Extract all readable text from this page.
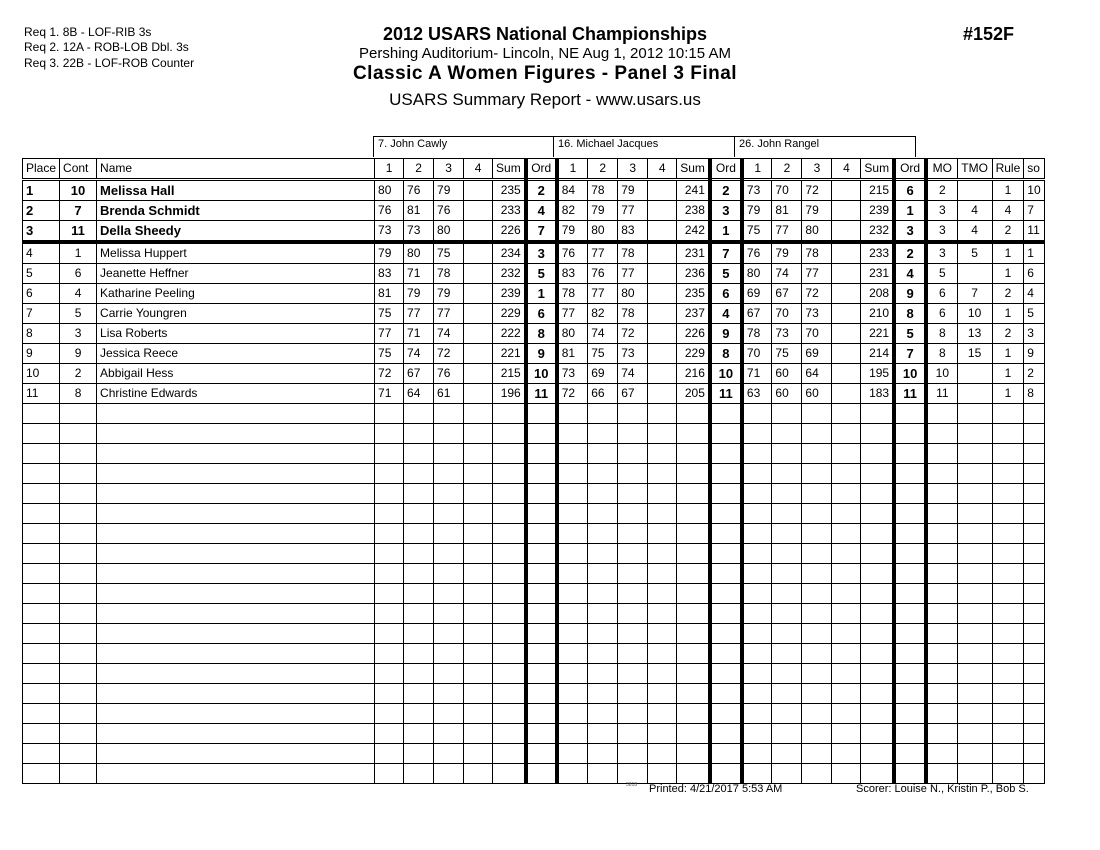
Req 1. 8B - LOF-RIB 3s
Req 2. 12A - ROB-LOB Dbl. 3s
Req 3. 22B - LOF-ROB Counter
2012 USARS National Championships
Pershing Auditorium- Lincoln, NE Aug 1, 2012 10:15 AM
Classic A Women Figures - Panel 3 Final
USARS Summary Report - www.usars.us
#152F
7. John Cawly	16. Michael Jacques	26. John Rangel
Place	Cont	Name	1	2	3	4	Sum	Ord	1	2	3	4	Sum	Ord	1	2	3	4	Sum	Ord	MO	TMO	Rule	so
1	10	Melissa Hall	80	76	79		235	2	84	78	79		241	2	73	70	72		215	6	2		1	10
2	7	Brenda Schmidt	76	81	76		233	4	82	79	77		238	3	79	81	79		239	1	3	4	4	7
3	11	Della Sheedy	73	73	80		226	7	79	80	83		242	1	75	77	80		232	3	3	4	2	11
4	1	Melissa Huppert	79	80	75		234	3	76	77	78		231	7	76	79	78		233	2	3	5	1	1
5	6	Jeanette Heffner	83	71	78		232	5	83	76	77		236	5	80	74	77		231	4	5		1	6
6	4	Katharine Peeling	81	79	79		239	1	78	77	80		235	6	69	67	72		208	9	6	7	2	4
7	5	Carrie Youngren	75	77	77		229	6	77	82	78		237	4	67	70	73		210	8	6	10	1	5
8	3	Lisa Roberts	77	71	74		222	8	80	74	72		226	9	78	73	70		221	5	8	13	2	3
9	9	Jessica Reece	75	74	72		221	9	81	75	73		229	8	70	75	69		214	7	8	15	1	9
10	2	Abbigail Hess	72	67	76		215	10	73	69	74		216	10	71	60	64		195	10	10		1	2
11	8	Christine Edwards	71	64	61		196	11	72	66	67		205	11	63	60	60		183	11	11		1	8

3818 Printed: 4/21/2017 5:53 AM	Scorer: Louise N., Kristin P., Bob S.
